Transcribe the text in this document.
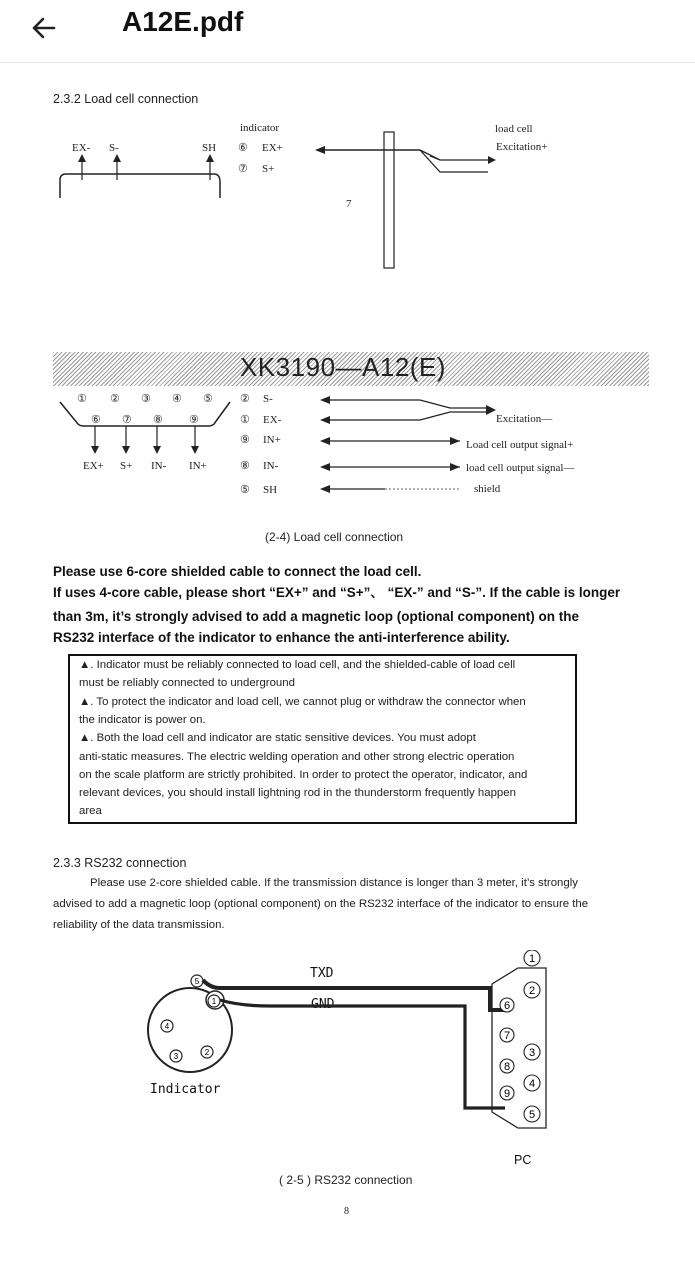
A12E.pdf
2.3.2 Load cell connection
indicator
EX- S-	SH ⑥ EX+
⑦ S+
load cell
Excitation+
7
XK3190—A12(E)
① ② ③ ④ ⑤
⑥ ⑦ ⑧ ⑨
EX+ S+ IN- IN+
② S-
① EX-
⑨ IN+
⑧ IN-
⑤ SH
Excitation—
Load cell output signal+
load cell output signal—
shield
(2-4) Load cell connection
Please use 6-core shielded cable to connect the load cell.
If uses 4-core cable, please short “EX+” and “S+”、 “EX-” and “S-”. If the cable is longer
than 3m, it’s strongly advised to add a magnetic loop (optional component) on the
RS232 interface of the indicator to enhance the anti-interference ability.
▲. Indicator must be reliably connected to load cell, and the shielded-cable of load cell
must be reliably connected to underground
▲. To protect the indicator and load cell, we cannot plug or withdraw the connector when
the indicator is power on.
▲. Both the load cell and indicator are static sensitive devices. You must adopt
anti-static measures. The electric welding operation and other strong electric operation
on the scale platform are strictly prohibited. In order to protect the operator, indicator, and
relevant devices, you should install lightning rod in the thunderstorm frequently happen
area
2.3.3 RS232 connection
Please use 2-core shielded cable. If the transmission distance is longer than 3 meter, it’s strongly
advised to add a magnetic loop (optional component) on the RS232 interface of the indicator to ensure the
reliability of the data transmission.
TXD
GND
Indicator
PC
5
1
4
3	2
1
2
3
4
5
6
7
8
9
( 2-5 ) RS232 connection
8
